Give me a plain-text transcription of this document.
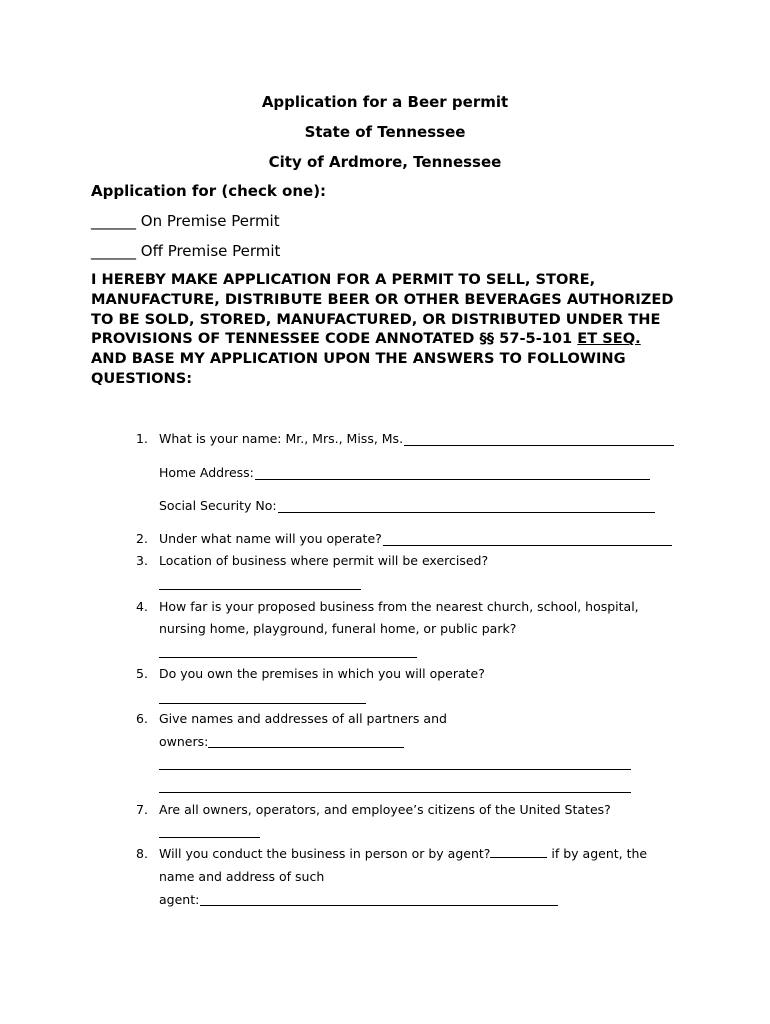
Application for a Beer permit
State of Tennessee
City of Ardmore, Tennessee
Application for (check one):
______ On Premise Permit
______ Off Premise Permit
I HEREBY MAKE APPLICATION FOR A PERMIT TO SELL, STORE, MANUFACTURE, DISTRIBUTE BEER OR OTHER BEVERAGES AUTHORIZED TO BE SOLD, STORED, MANUFACTURED, OR DISTRIBUTED UNDER THE PROVISIONS OF TENNESSEE CODE ANNOTATED §§ 57-5-101 ET SEQ. AND BASE MY APPLICATION UPON THE ANSWERS TO FOLLOWING QUESTIONS:
1. What is your name: Mr., Mrs., Miss, Ms.
Home Address:
Social Security No:
2. Under what name will you operate?
3. Location of business where permit will be exercised?
4. How far is your proposed business from the nearest church, school, hospital,
nursing home, playground, funeral home, or public park?
5. Do you own the premises in which you will operate?
6. Give names and addresses of all partners and
owners:
7. Are all owners, operators, and employee’s citizens of the United States?
8. Will you conduct the business in person or by agent?	if by agent, the
name and address of such
agent:
